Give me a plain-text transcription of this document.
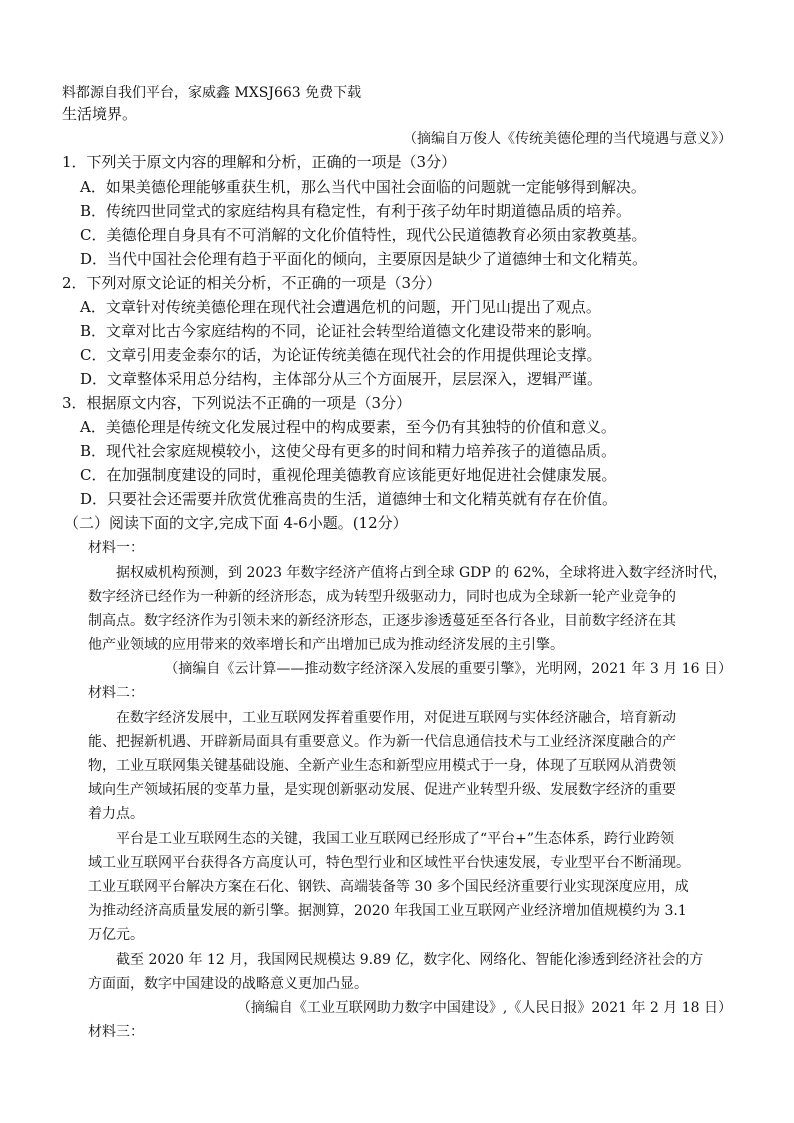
料都源自我们平台，家威鑫 MXSJ663 免费下载
生活境界。
（摘编自万俊人《传统美德伦理的当代境遇与意义》）
1．下列关于原文内容的理解和分析，正确的一项是（3分）
A．如果美德伦理能够重获生机，那么当代中国社会面临的问题就一定能够得到解决。
B．传统四世同堂式的家庭结构具有稳定性，有利于孩子幼年时期道德品质的培养。
C．美德伦理自身具有不可消解的文化价值特性，现代公民道德教育必须由家教奠基。
D．当代中国社会伦理有趋于平面化的倾向，主要原因是缺少了道德绅士和文化精英。
2．下列对原文论证的相关分析，不正确的一项是（3分）
A．文章针对传统美德伦理在现代社会遭遇危机的问题，开门见山提出了观点。
B．文章对比古今家庭结构的不同，论证社会转型给道德文化建设带来的影响。
C．文章引用麦金泰尔的话，为论证传统美德在现代社会的作用提供理论支撑。
D．文章整体采用总分结构，主体部分从三个方面展开，层层深入，逻辑严谨。
3．根据原文内容，下列说法不正确的一项是（3分）
A．美德伦理是传统文化发展过程中的构成要素，至今仍有其独特的价值和意义。
B．现代社会家庭规模较小，这使父母有更多的时间和精力培养孩子的道德品质。
C．在加强制度建设的同时，重视伦理美德教育应该能更好地促进社会健康发展。
D．只要社会还需要并欣赏优雅高贵的生活，道德绅士和文化精英就有存在价值。
（二）阅读下面的文字,完成下面 4-6小题。(12分）
材料一：
据权威机构预测，到 2023 年数字经济产值将占到全球 GDP 的 62%，全球将进入数字经济时代，
数字经济已经作为一种新的经济形态，成为转型升级驱动力，同时也成为全球新一轮产业竞争的
制高点。数字经济作为引领未来的新经济形态，正逐步渗透蔓延至各行各业，目前数字经济在其
他产业领域的应用带来的效率增长和产出增加已成为推动经济发展的主引擎。
（摘编自《云计算——推动数字经济深入发展的重要引擎》，光明网，2021 年 3 月 16 日）
材料二：
在数字经济发展中，工业互联网发挥着重要作用，对促进互联网与实体经济融合，培育新动
能、把握新机遇、开辟新局面具有重要意义。作为新一代信息通信技术与工业经济深度融合的产
物，工业互联网集关键基础设施、全新产业生态和新型应用模式于一身，体现了互联网从消费领
域向生产领域拓展的变革力量，是实现创新驱动发展、促进产业转型升级、发展数字经济的重要
着力点。
平台是工业互联网生态的关键，我国工业互联网已经形成了“平台+”生态体系，跨行业跨领
域工业互联网平台获得各方高度认可，特色型行业和区域性平台快速发展，专业型平台不断涌现。
工业互联网平台解决方案在石化、钢铁、高端装备等 30 多个国民经济重要行业实现深度应用，成
为推动经济高质量发展的新引擎。据测算，2020 年我国工业互联网产业经济增加值规模约为 3.1
万亿元。
截至 2020 年 12 月，我国网民规模达 9.89 亿，数字化、网络化、智能化渗透到经济社会的方
方面面，数字中国建设的战略意义更加凸显。
（摘编自《工业互联网助力数字中国建设》,《人民日报》2021 年 2 月 18 日）
材料三：
